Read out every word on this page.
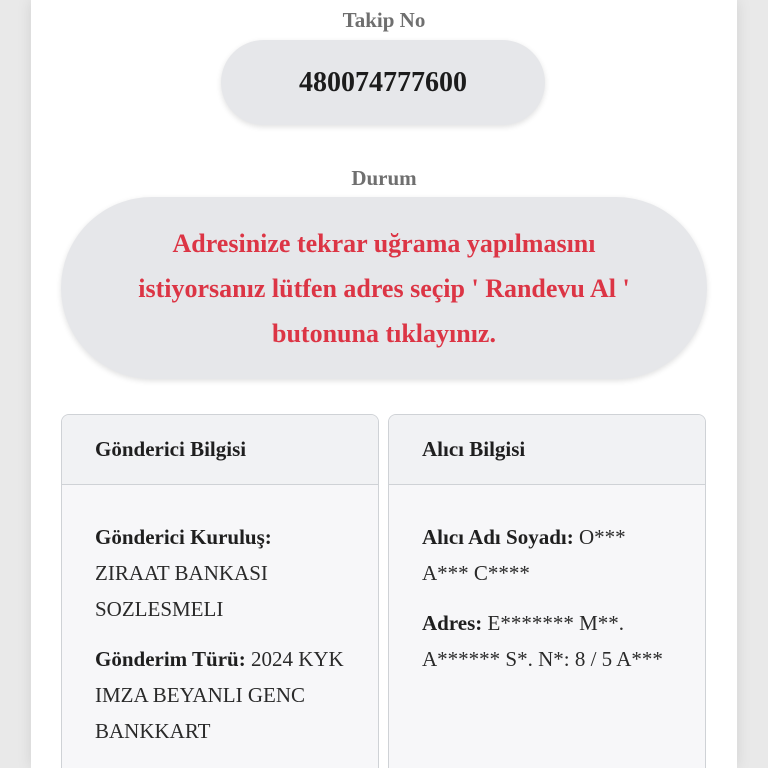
Takip No
480074777600
Durum
Adresinize tekrar uğrama yapılmasını istiyorsanız lütfen adres seçip ' Randevu Al ' butonuna tıklayınız.
Gönderici Bilgisi
Gönderici Kuruluş:
ZIRAAT BANKASI SOZLESMELI
Gönderim Türü: 2024 KYK IMZA BEYANLI GENC BANKKART
Alıcı Bilgisi
Alıcı Adı Soyadı: O*** A*** C****
Adres: E******* M**. A****** S*. N*: 8 / 5 A***
